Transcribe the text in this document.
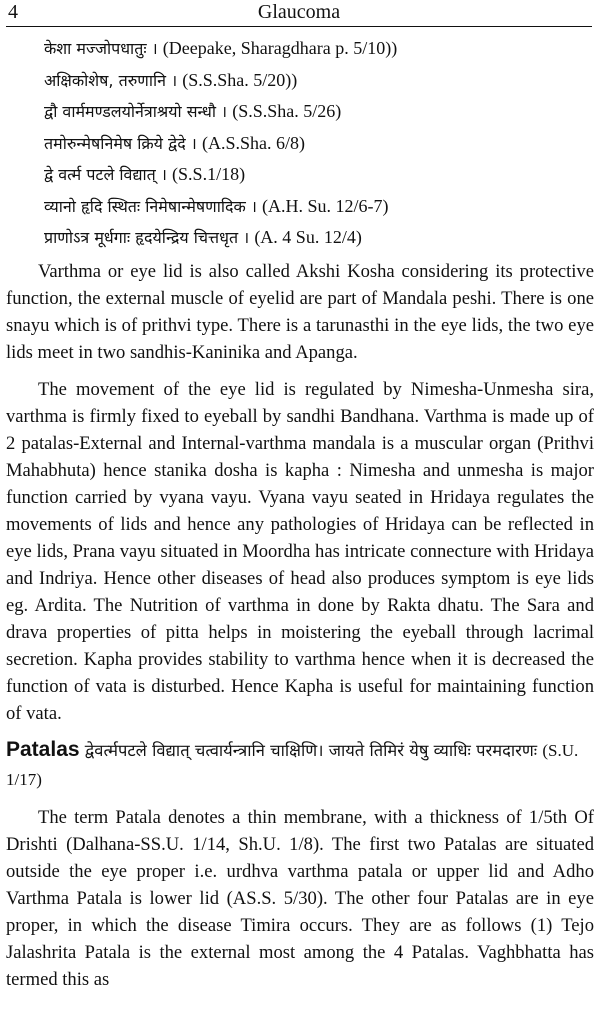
4	Glaucoma
केशा मज्जोपधातुः । (Deepake, Sharagdhara p. 5/10))
अक्षिकोशेष, तरुणानि । (S.S.Sha. 5/20))
द्वौ वार्ममण्डलयोर्नेत्राश्रयो सन्धौ । (S.S.Sha. 5/26)
तमोरुन्मेषनिमेष क्रिये द्वेदे । (A.S.Sha. 6/8)
द्वे वर्त्म पटले विद्यात् । (S.S.1/18)
व्यानो हृदि स्थितः निमेषान्मेषणादिक । (A.H. Su. 12/6-7)
प्राणोऽत्र मूर्धगाः हृदयेन्द्रिय चित्तधृत । (A. 4 Su. 12/4)

Varthma or eye lid is also called Akshi Kosha considering its protective function, the external muscle of eyelid are part of Mandala peshi. There is one snayu which is of prithvi type. There is a tarunasthi in the eye lids, the two eye lids meet in two sandhis-Kaninika and Apanga.

The movement of the eye lid is regulated by Nimesha-Unmesha sira, varthma is firmly fixed to eyeball by sandhi Bandhana. Varthma is made up of 2 patalas-External and Internal-varthma mandala is a muscular organ (Prithvi Mahabhuta) hence stanika dosha is kapha : Nimesha and unmesha is major function carried by vyana vayu. Vyana vayu seated in Hridaya regulates the movements of lids and hence any pathologies of Hridaya can be reflected in eye lids, Prana vayu situated in Moordha has intricate connecture with Hridaya and Indriya. Hence other diseases of head also produces symptom is eye lids eg. Ardita. The Nutrition of varthma in done by Rakta dhatu. The Sara and drava properties of pitta helps in moistering the eyeball through lacrimal secretion. Kapha provides stability to varthma hence when it is decreased the function of vata is disturbed. Hence Kapha is useful for maintaining function of vata.

Patalas द्वेवर्त्मपटले विद्यात् चत्वार्यन्त्रानि चाक्षिणि। जायते तिमिरं येषु व्याधिः परमदारणः (S.U. 1/17)

The term Patala denotes a thin membrane, with a thickness of 1/5th Of Drishti (Dalhana-SS.U. 1/14, Sh.U. 1/8). The first two Patalas are situated outside the eye proper i.e. urdhva varthma patala or upper lid and Adho Varthma Patala is lower lid (AS.S. 5/30). The other four Patalas are in eye proper, in which the disease Timira occurs. They are as follows (1) Tejo Jalashrita Patala is the external most among the 4 Patalas. Vaghbhatta has termed this as
